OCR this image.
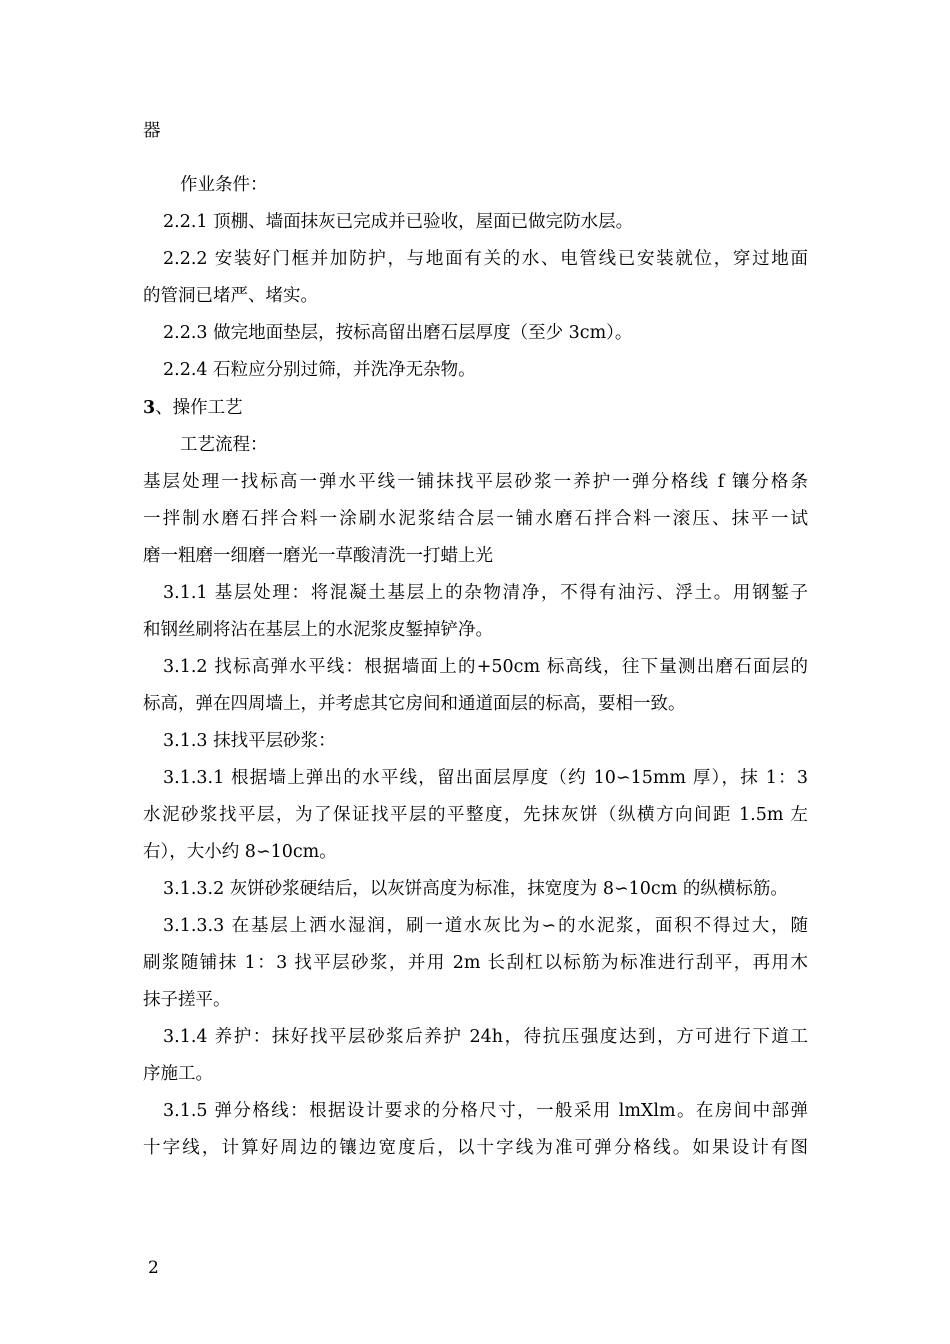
器
作业条件：
2.2.1 顶棚、墙面抹灰已完成并已验收，屋面已做完防水层。
2.2.2 安装好门框并加防护，与地面有关的水、电管线已安装就位，穿过地面
的管洞已堵严、堵实。
2.2.3 做完地面垫层，按标高留出磨石层厚度（至少 3cm）。
2.2.4 石粒应分别过筛，并洗净无杂物。
3、操作工艺
工艺流程：
基层处理一找标高一弹水平线一铺抹找平层砂浆一养护一弹分格线 f 镶分格条
一拌制水磨石拌合料一涂刷水泥浆结合层一铺水磨石拌合料一滚压、抹平一试
磨一粗磨一细磨一磨光一草酸清洗一打蜡上光
3.1.1 基层处理：将混凝土基层上的杂物清净，不得有油污、浮土。用钢錾子
和钢丝刷将沾在基层上的水泥浆皮錾掉铲净。
3.1.2 找标高弹水平线：根据墙面上的+50cm 标高线，往下量测出磨石面层的
标高，弹在四周墙上，并考虑其它房间和通道面层的标高，要相一致。
3.1.3 抹找平层砂浆：
3.1.3.1 根据墙上弹出的水平线，留出面层厚度（约 10∽15mm 厚），抹 1：3
水泥砂浆找平层，为了保证找平层的平整度，先抹灰饼（纵横方向间距 1.5m 左
右），大小约 8∽10cm。
3.1.3.2 灰饼砂浆硬结后，以灰饼高度为标准，抹宽度为 8∽10cm 的纵横标筋。
3.1.3.3 在基层上洒水湿润，刷一道水灰比为∽的水泥浆，面积不得过大，随
刷浆随铺抹 1：3 找平层砂浆，并用 2m 长刮杠以标筋为标准进行刮平，再用木
抹子搓平。
3.1.4 养护：抹好找平层砂浆后养护 24h，待抗压强度达到，方可进行下道工
序施工。
3.1.5 弹分格线：根据设计要求的分格尺寸，一般采用 lmXlm。在房间中部弹
十字线，计算好周边的镶边宽度后，以十字线为准可弹分格线。如果设计有图
2
